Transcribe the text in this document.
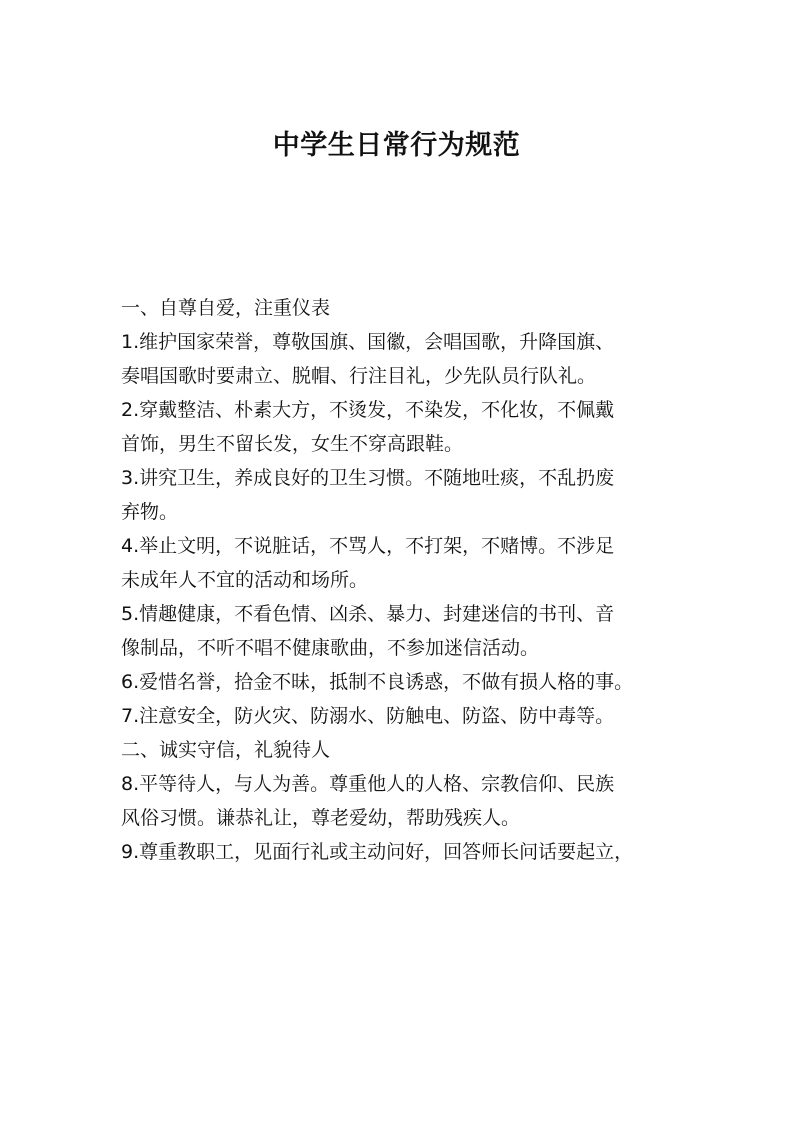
中学生日常行为规范

一、自尊自爱，注重仪表

1.维护国家荣誉，尊敬国旗、国徽，会唱国歌，升降国旗、

奏唱国歌时要肃立、脱帽、行注目礼，少先队员行队礼。

2.穿戴整洁、朴素大方，不烫发，不染发，不化妆，不佩戴

首饰，男生不留长发，女生不穿高跟鞋。

3.讲究卫生，养成良好的卫生习惯。不随地吐痰，不乱扔废

弃物。

4.举止文明，不说脏话，不骂人，不打架，不赌博。不涉足

未成年人不宜的活动和场所。

5.情趣健康，不看色情、凶杀、暴力、封建迷信的书刊、音

像制品，不听不唱不健康歌曲，不参加迷信活动。

6.爱惜名誉，拾金不昧，抵制不良诱惑，不做有损人格的事。

7.注意安全，防火灾、防溺水、防触电、防盗、防中毒等。

二、诚实守信，礼貌待人

8.平等待人，与人为善。尊重他人的人格、宗教信仰、民族

风俗习惯。谦恭礼让，尊老爱幼，帮助残疾人。

9.尊重教职工，见面行礼或主动问好，回答师长问话要起立，
